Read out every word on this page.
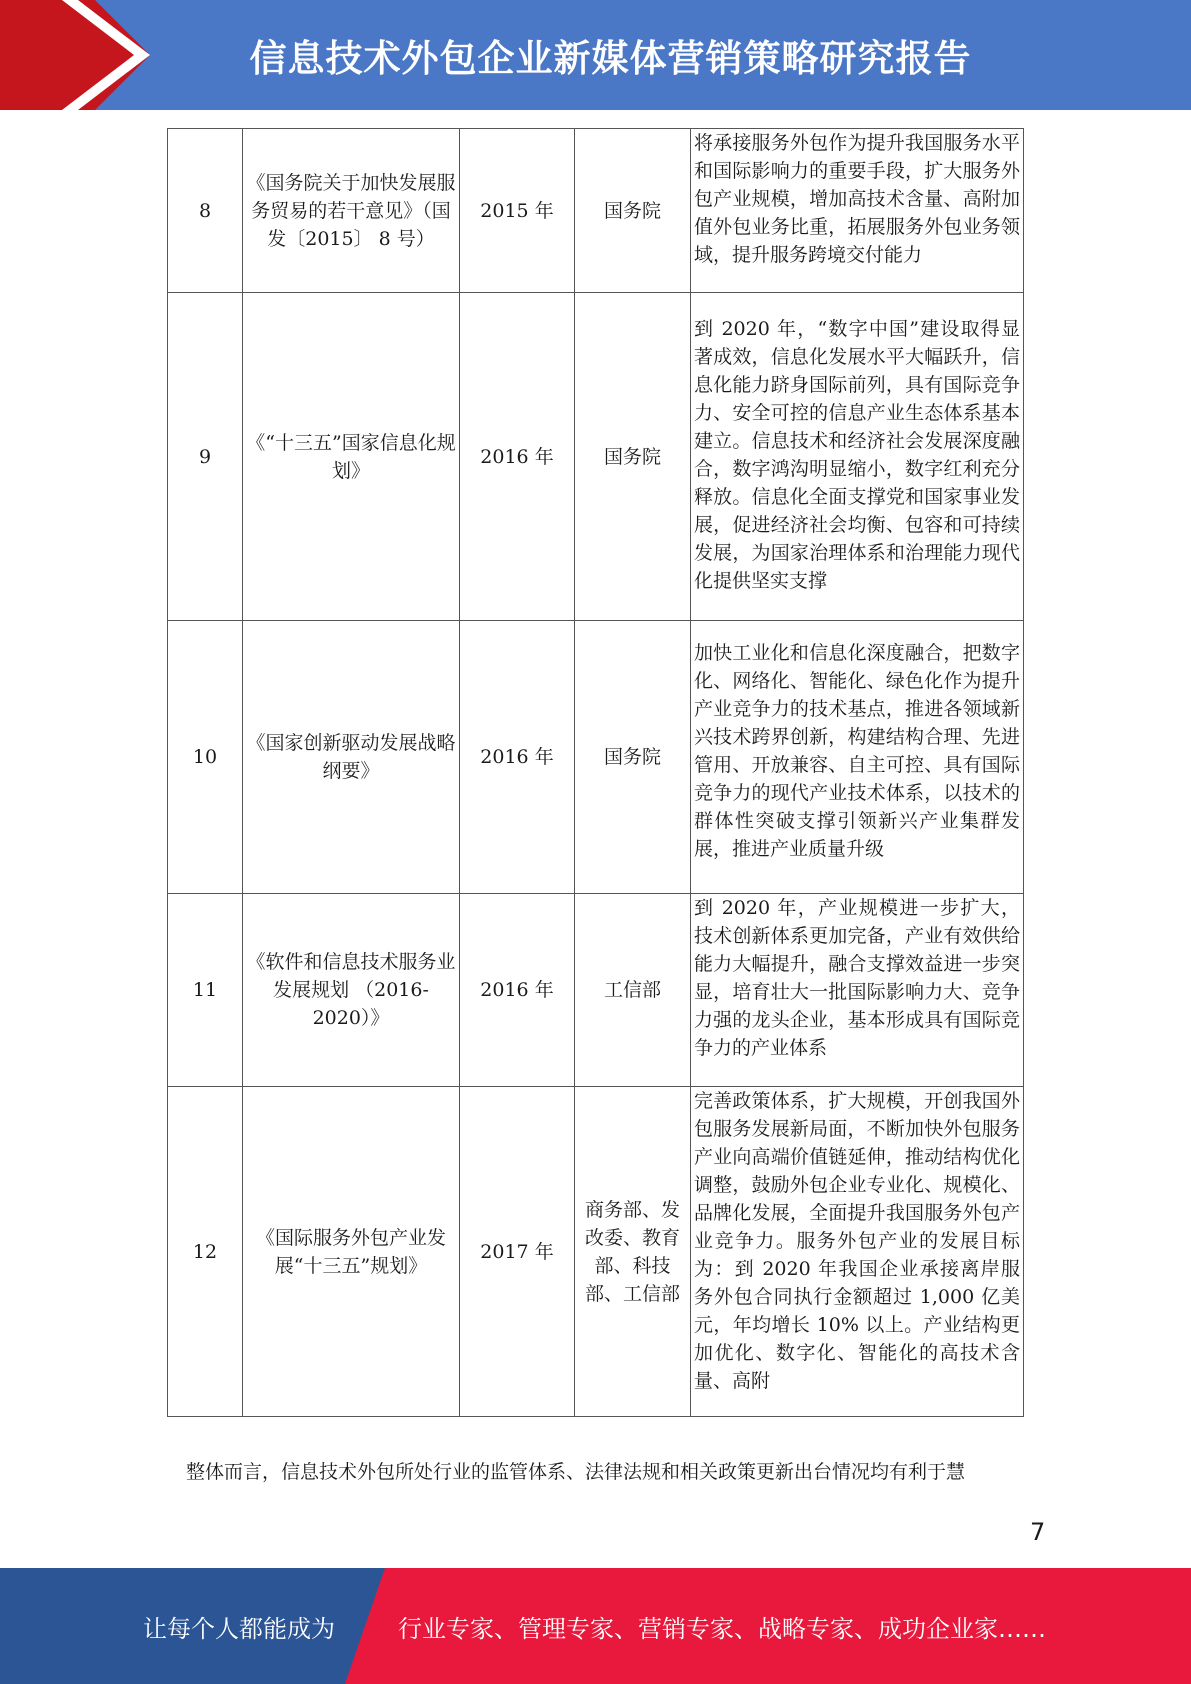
信息技术外包企业新媒体营销策略研究报告
8	《国务院关于加快发展服务贸易的若干意见》（国发〔2015〕 8 号）	2015 年	国务院	将承接服务外包作为提升我国服务水平和国际影响力的重要手段，扩大服务外包产业规模，增加高技术含量、高附加值外包业务比重，拓展服务外包业务领域，提升服务跨境交付能力

9	《“十三五”国家信息化规划》	2016 年	国务院	到 2020 年，“数字中国”建设取得显著成效，信息化发展水平大幅跃升，信息化能力跻身国际前列，具有国际竞争力、安全可控的信息产业生态体系基本建立。信息技术和经济社会发展深度融合，数字鸿沟明显缩小，数字红利充分释放。信息化全面支撑党和国家事业发展，促进经济社会均衡、包容和可持续发展，为国家治理体系和治理能力现代化提供坚实支撑

10	《国家创新驱动发展战略纲要》	2016 年	国务院	加快工业化和信息化深度融合，把数字化、网络化、智能化、绿色化作为提升产业竞争力的技术基点，推进各领域新兴技术跨界创新，构建结构合理、先进管用、开放兼容、自主可控、具有国际竞争力的现代产业技术体系，以技术的群体性突破支撑引领新兴产业集群发展，推进产业质量升级

11	《软件和信息技术服务业发展规划 （2016-2020）》	2016 年	工信部	到 2020 年，产业规模进一步扩大，技术创新体系更加完备，产业有效供给能力大幅提升，融合支撑效益进一步突显，培育壮大一批国际影响力大、竞争力强的龙头企业，基本形成具有国际竞争力的产业体系

12	《国际服务外包产业发展“十三五”规划》	2017 年	商务部、发改委、教育部、科技部、工信部	完善政策体系，扩大规模，开创我国外包服务发展新局面，不断加快外包服务产业向高端价值链延伸，推动结构优化调整，鼓励外包企业专业化、规模化、品牌化发展，全面提升我国服务外包产业竞争力。服务外包产业的发展目标为：到 2020 年我国企业承接离岸服务外包合同执行金额超过 1,000 亿美元，年均增长 10% 以上。产业结构更加优化、数字化、智能化的高技术含量、高附
整体而言，信息技术外包所处行业的监管体系、法律法规和相关政策更新出台情况均有利于慧
7
让每个人都能成为	行业专家、管理专家、营销专家、战略专家、成功企业家……
